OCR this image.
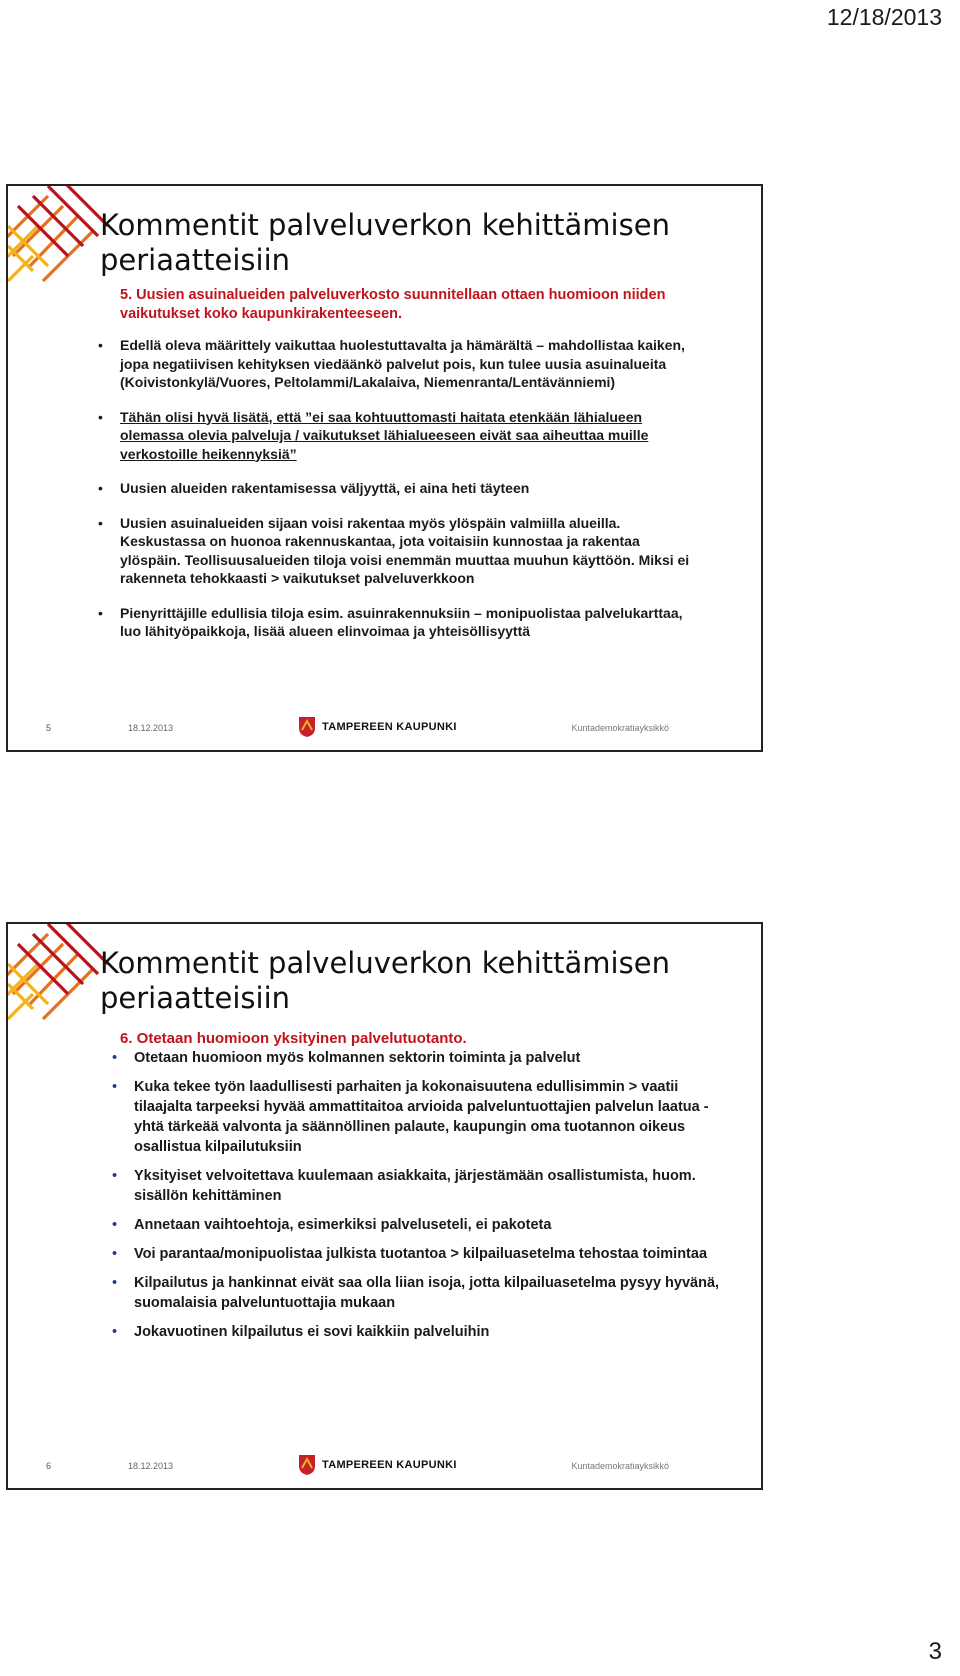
12/18/2013
Kommentit palveluverkon kehittämisen
periaatteisiin
5. Uusien asuinalueiden palveluverkosto suunnitellaan ottaen huomioon niiden vaikutukset koko kaupunkirakenteeseen.
• Edellä oleva määrittely vaikuttaa huolestuttavalta ja hämärältä – mahdollistaa kaiken, jopa negatiivisen kehityksen viedäänkö palvelut pois, kun tulee uusia asuinalueita (Koivistonkylä/Vuores, Peltolammi/Lakalaiva, Niemenranta/Lentävänniemi)
• Tähän olisi hyvä lisätä, että ”ei saa kohtuuttomasti haitata etenkään lähialueen olemassa olevia palveluja / vaikutukset lähialueeseen eivät saa aiheuttaa muille verkostoille heikennyksiä”
• Uusien alueiden rakentamisessa väljyyttä, ei aina heti täyteen
• Uusien asuinalueiden sijaan voisi rakentaa myös ylöspäin valmiilla alueilla. Keskustassa on huonoa rakennuskantaa, jota voitaisiin kunnostaa ja rakentaa ylöspäin. Teollisuusalueiden tiloja voisi enemmän muuttaa muuhun käyttöön. Miksi ei rakenneta tehokkaasti > vaikutukset palveluverkkoon
• Pienyrittäjille edullisia tiloja esim. asuinrakennuksiin – monipuolistaa palvelukarttaa, luo lähityöpaikkoja, lisää alueen elinvoimaa ja yhteisöllisyyttä
5	18.12.2013	TAMPEREEN KAUPUNKI	Kuntademokratiayksikkö
Kommentit palveluverkon kehittämisen
periaatteisiin
6. Otetaan huomioon yksityinen palvelutuotanto.
• Otetaan huomioon myös kolmannen sektorin toiminta ja palvelut
• Kuka tekee työn laadullisesti parhaiten ja kokonaisuutena edullisimmin > vaatii tilaajalta tarpeeksi hyvää ammattitaitoa arvioida palveluntuottajien palvelun laatua - yhtä tärkeää valvonta ja säännöllinen palaute, kaupungin oma tuotannon oikeus osallistua kilpailutuksiin
• Yksityiset velvoitettava kuulemaan asiakkaita, järjestämään osallistumista, huom. sisällön kehittäminen
• Annetaan vaihtoehtoja, esimerkiksi palveluseteli, ei pakoteta
• Voi parantaa/monipuolistaa julkista tuotantoa > kilpailuasetelma tehostaa toimintaa
• Kilpailutus ja hankinnat eivät saa olla liian isoja, jotta kilpailuasetelma pysyy hyvänä, suomalaisia palveluntuottajia mukaan
• Jokavuotinen kilpailutus ei sovi kaikkiin palveluihin
6	18.12.2013	TAMPEREEN KAUPUNKI	Kuntademokratiayksikkö
3
